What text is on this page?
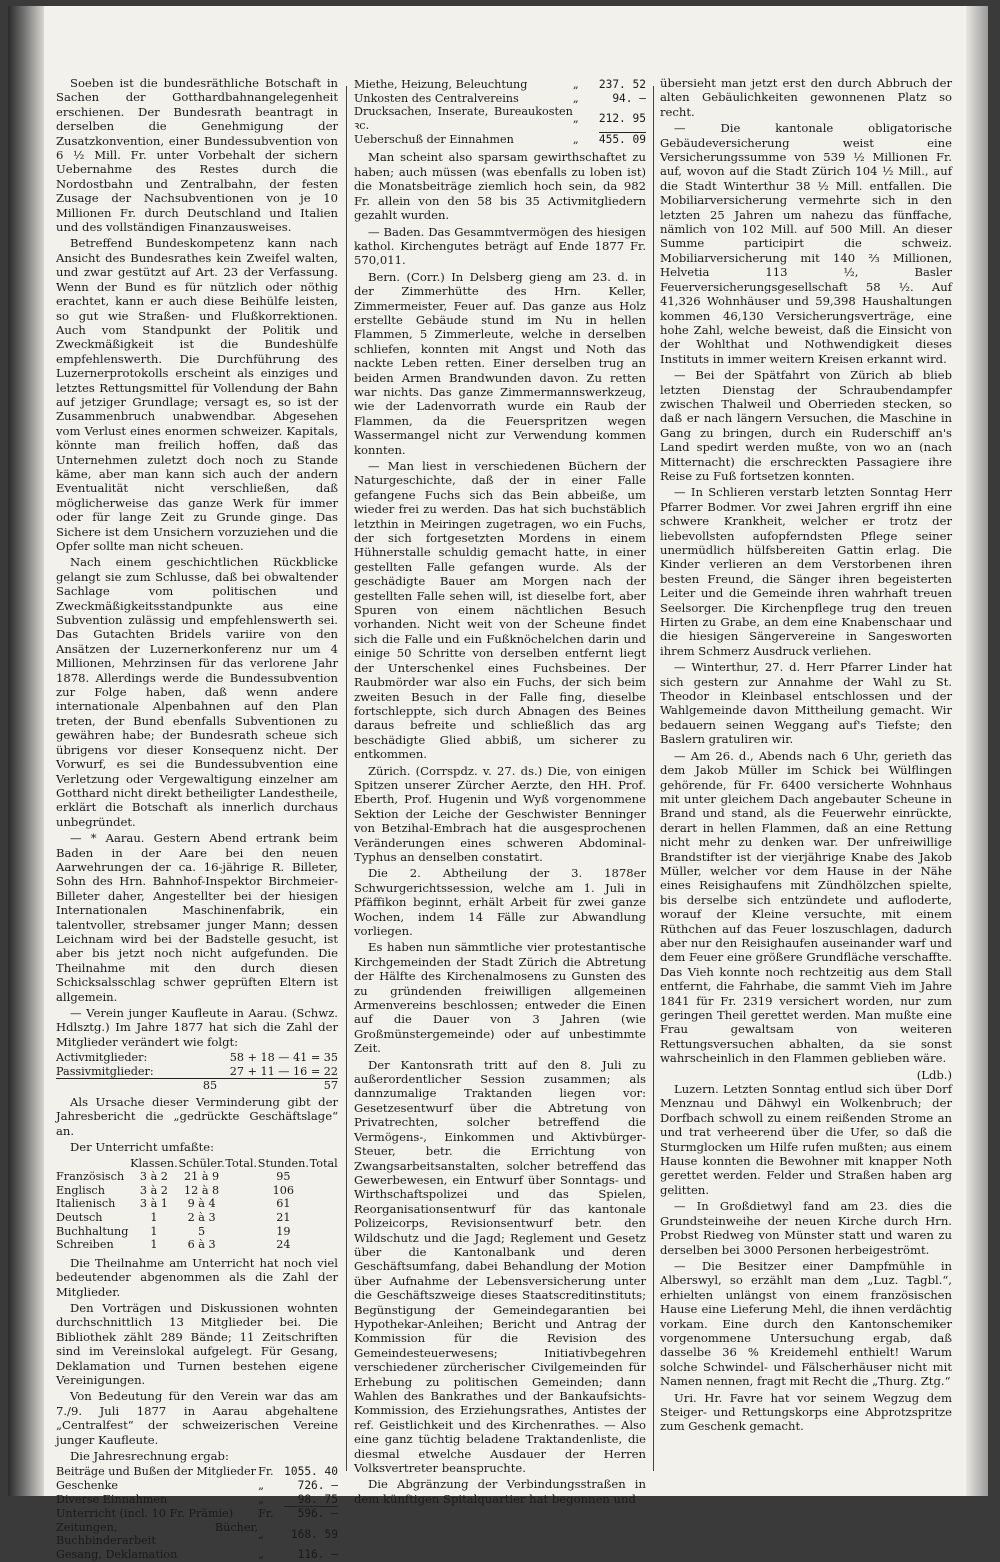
Soeben ist die bundesräthliche Botschaft in Sachen der Gotthardbahnangelegenheit erschienen. Der Bundesrath beantragt in derselben die Genehmigung der Zusatzkonvention, einer Bundessubvention von 6 ½ Mill. Fr. unter Vorbehalt der sichern Uebernahme des Restes durch die Nordostbahn und Zentralbahn, der festen Zusage der Nachsubventionen von je 10 Millionen Fr. durch Deutschland und Italien und des vollständigen Finanzausweises.

Betreffend Bundeskompetenz kann nach Ansicht des Bundesrathes kein Zweifel walten, und zwar gestützt auf Art. 23 der Verfassung. Wenn der Bund es für nützlich oder nöthig erachtet, kann er auch diese Beihülfe leisten, so gut wie Straßen- und Flußkorrektionen. Auch vom Standpunkt der Politik und Zweckmäßigkeit ist die Bundeshülfe empfehlenswerth. Die Durchführung des Luzernerprotokolls erscheint als einziges und letztes Rettungsmittel für Vollendung der Bahn auf jetziger Grundlage; versagt es, so ist der Zusammenbruch unabwendbar. Abgesehen vom Verlust eines enormen schweizer. Kapitals, könnte man freilich hoffen, daß das Unternehmen zuletzt doch noch zu Stande käme, aber man kann sich auch der andern Eventualität nicht verschließen, daß möglicherweise das ganze Werk für immer oder für lange Zeit zu Grunde ginge. Das Sichere ist dem Unsichern vorzuziehen und die Opfer sollte man nicht scheuen.

Nach einem geschichtlichen Rückblicke gelangt sie zum Schlusse, daß bei obwaltender Sachlage vom politischen und Zweckmäßigkeitsstandpunkte aus eine Subvention zulässig und empfehlenswerth sei. Das Gutachten Bridels variire von den Ansätzen der Luzernerkonferenz nur um 4 Millionen, Mehrzinsen für das verlorene Jahr 1878. Allerdings werde die Bundessubvention zur Folge haben, daß wenn andere internationale Alpenbahnen auf den Plan treten, der Bund ebenfalls Subventionen zu gewähren habe; der Bundesrath scheue sich übrigens vor dieser Konsequenz nicht. Der Vorwurf, es sei die Bundessubvention eine Verletzung oder Vergewaltigung einzelner am Gotthard nicht direkt betheiligter Landestheile, erklärt die Botschaft als innerlich durchaus unbegründet.

— * Aarau. Gestern Abend ertrank beim Baden in der Aare bei den neuen Aarwehrungen der ca. 16-jährige R. Billeter, Sohn des Hrn. Bahnhof-Inspektor Birchmeier-Billeter daher, Angestellter bei der hiesigen Internationalen Maschinenfabrik, ein talentvoller, strebsamer junger Mann; dessen Leichnam wird bei der Badstelle gesucht, ist aber bis jetzt noch nicht aufgefunden. Die Theilnahme mit den durch diesen Schicksalsschlag schwer geprüften Eltern ist allgemein.

— Verein junger Kaufleute in Aarau. (Schwz. Hdlsztg.) Im Jahre 1877 hat sich die Zahl der Mitglieder verändert wie folgt:

Activmitglieder:	58 + 18 — 41 = 35
Passivmitglieder:	27 + 11 — 16 = 22
85                              57

Als Ursache dieser Verminderung gibt der Jahresbericht die „gedrückte Geschäftslage“ an.

Der Unterricht umfaßte:

	Klassen.	Schüler.	Total.	Stunden.	Total
Französisch	3 à 2	21 à 9		95	
Englisch	3 à 2	12 à 8		106	
Italienisch	3 à 1	9 à 4		61	
Deutsch	1	2 à 3		21	
Buchhaltung	1	5		19	
Schreiben	1	6 à 3		24	

Die Theilnahme am Unterricht hat noch viel bedeutender abgenommen als die Zahl der Mitglieder.

Den Vorträgen und Diskussionen wohnten durchschnittlich 13 Mitglieder bei. Die Bibliothek zählt 289 Bände; 11 Zeitschriften sind im Vereinslokal aufgelegt. Für Gesang, Deklamation und Turnen bestehen eigene Vereinigungen.

Von Bedeutung für den Verein war das am 7./9. Juli 1877 in Aarau abgehaltene „Centralfest“ der schweizerischen Vereine junger Kaufleute.

Die Jahresrechnung ergab:

Beiträge und Bußen der Mitglieder	Fr.	1055. 40
Geschenke	„	726. —
Diverse Einnahmen	„	98. 75
Unterricht (incl. 10 Fr. Prämie)	Fr.	596. —
Zeitungen, Bücher, Buchbinderarbeit	„	168. 59
Gesang, Deklamation	„	116. —
Miethe, Heizung, Beleuchtung	„	237. 52
Unkosten des Centralvereins	„	94. —
Drucksachen, Inserate, Bureaukosten ꝛc.	„	212. 95
Ueberschuß der Einnahmen	„	455. 09

Man scheint also sparsam gewirthschaftet zu haben; auch müssen (was ebenfalls zu loben ist) die Monatsbeiträge ziemlich hoch sein, da 982 Fr. allein von den 58 bis 35 Activmitgliedern gezahlt wurden.

— Baden. Das Gesammtvermögen des hiesigen kathol. Kirchengutes beträgt auf Ende 1877 Fr. 570,011.

Bern. (Corr.) In Delsberg gieng am 23. d. in der Zimmerhütte des Hrn. Keller, Zimmermeister, Feuer auf. Das ganze aus Holz erstellte Gebäude stund im Nu in hellen Flammen, 5 Zimmerleute, welche in derselben schliefen, konnten mit Angst und Noth das nackte Leben retten. Einer derselben trug an beiden Armen Brandwunden davon. Zu retten war nichts. Das ganze Zimmermannswerkzeug, wie der Ladenvorrath wurde ein Raub der Flammen, da die Feuerspritzen wegen Wassermangel nicht zur Verwendung kommen konnten.

— Man liest in verschiedenen Büchern der Naturgeschichte, daß der in einer Falle gefangene Fuchs sich das Bein abbeiße, um wieder frei zu werden. Das hat sich buchstäblich letzthin in Meiringen zugetragen, wo ein Fuchs, der sich fortgesetzten Mordens in einem Hühnerstalle schuldig gemacht hatte, in einer gestellten Falle gefangen wurde. Als der geschädigte Bauer am Morgen nach der gestellten Falle sehen will, ist dieselbe fort, aber Spuren von einem nächtlichen Besuch vorhanden. Nicht weit von der Scheune findet sich die Falle und ein Fußknöchelchen darin und einige 50 Schritte von derselben entfernt liegt der Unterschenkel eines Fuchsbeines. Der Raubmörder war also ein Fuchs, der sich beim zweiten Besuch in der Falle fing, dieselbe fortschleppte, sich durch Abnagen des Beines daraus befreite und schließlich das arg beschädigte Glied abbiß, um sicherer zu entkommen.

Zürich. (Corrspdz. v. 27. ds.) Die, von einigen Spitzen unserer Zürcher Aerzte, den HH. Prof. Eberth, Prof. Hugenin und Wyß vorgenommene Sektion der Leiche der Geschwister Benninger von Betzihal-Embrach hat die ausgesprochenen Veränderungen eines schweren Abdominal-Typhus an denselben constatirt.

Die 2. Abtheilung der 3. 1878er Schwurgerichtssession, welche am 1. Juli in Pfäffikon beginnt, erhält Arbeit für zwei ganze Wochen, indem 14 Fälle zur Abwandlung vorliegen.

Es haben nun sämmtliche vier protestantische Kirchgemeinden der Stadt Zürich die Abtretung der Hälfte des Kirchenalmosens zu Gunsten des zu gründenden freiwilligen allgemeinen Armenvereins beschlossen; entweder die Einen auf die Dauer von 3 Jahren (wie Großmünstergemeinde) oder auf unbestimmte Zeit.

Der Kantonsrath tritt auf den 8. Juli zu außerordentlicher Session zusammen; als dannzumalige Traktanden liegen vor: Gesetzesentwurf über die Abtretung von Privatrechten, solcher betreffend die Vermögens-, Einkommen und Aktivbürger-Steuer, betr. die Errichtung von Zwangsarbeitsanstalten, solcher betreffend das Gewerbewesen, ein Entwurf über Sonntags- und Wirthschaftspolizei und das Spielen, Reorganisationsentwurf für das kantonale Polizeicorps, Revisionsentwurf betr. den Wildschutz und die Jagd; Reglement und Gesetz über die Kantonalbank und deren Geschäftsumfang, dabei Behandlung der Motion über Aufnahme der Lebensversicherung unter die Geschäftszweige dieses Staatscreditinstituts; Begünstigung der Gemeindegarantien bei Hypothekar-Anleihen; Bericht und Antrag der Kommission für die Revision des Gemeindesteuerwesens; Initiativbegehren verschiedener zürcherischer Civilgemeinden für Erhebung zu politischen Gemeinden; dann Wahlen des Bankrathes und der Bankaufsichts-Kommission, des Erziehungsrathes, Antistes der ref. Geistlichkeit und des Kirchenrathes. — Also eine ganz tüchtig beladene Traktandenliste, die diesmal etwelche Ausdauer der Herren Volksvertreter beanspruchte.

Die Abgränzung der Verbindungsstraßen in dem künftigen Spitalquartier hat begonnen und

übersieht man jetzt erst den durch Abbruch der alten Gebäulichkeiten gewonnenen Platz so recht.

— Die kantonale obligatorische Gebäudeversicherung weist eine Versicherungssumme von 539 ½ Millionen Fr. auf, wovon auf die Stadt Zürich 104 ½ Mill., auf die Stadt Winterthur 38 ½ Mill. entfallen. Die Mobiliarversicherung vermehrte sich in den letzten 25 Jahren um nahezu das fünffache, nämlich von 102 Mill. auf 500 Mill. An dieser Summe participirt die schweiz. Mobiliarversicherung mit 140 ⅔ Millionen, Helvetia 113 ½, Basler Feuerversicherungsgesellschaft 58 ½. Auf 41,326 Wohnhäuser und 59,398 Haushaltungen kommen 46,130 Versicherungsverträge, eine hohe Zahl, welche beweist, daß die Einsicht von der Wohlthat und Nothwendigkeit dieses Instituts in immer weitern Kreisen erkannt wird.

— Bei der Spätfahrt von Zürich ab blieb letzten Dienstag der Schraubendampfer zwischen Thalweil und Oberrieden stecken, so daß er nach längern Versuchen, die Maschine in Gang zu bringen, durch ein Ruderschiff an's Land spedirt werden mußte, von wo an (nach Mitternacht) die erschreckten Passagiere ihre Reise zu Fuß fortsetzen konnten.

— In Schlieren verstarb letzten Sonntag Herr Pfarrer Bodmer. Vor zwei Jahren ergriff ihn eine schwere Krankheit, welcher er trotz der liebevollsten aufopferndsten Pflege seiner unermüdlich hülfsbereiten Gattin erlag. Die Kinder verlieren an dem Verstorbenen ihren besten Freund, die Sänger ihren begeisterten Leiter und die Gemeinde ihren wahrhaft treuen Seelsorger. Die Kirchenpflege trug den treuen Hirten zu Grabe, an dem eine Knabenschaar und die hiesigen Sängervereine in Sangesworten ihrem Schmerz Ausdruck verliehen.

— Winterthur, 27. d. Herr Pfarrer Linder hat sich gestern zur Annahme der Wahl zu St. Theodor in Kleinbasel entschlossen und der Wahlgemeinde davon Mittheilung gemacht. Wir bedauern seinen Weggang auf's Tiefste; den Baslern gratuliren wir.

— Am 26. d., Abends nach 6 Uhr, gerieth das dem Jakob Müller im Schick bei Wülflingen gehörende, für Fr. 6400 versicherte Wohnhaus mit unter gleichem Dach angebauter Scheune in Brand und stand, als die Feuerwehr einrückte, derart in hellen Flammen, daß an eine Rettung nicht mehr zu denken war. Der unfreiwillige Brandstifter ist der vierjährige Knabe des Jakob Müller, welcher vor dem Hause in der Nähe eines Reisighaufens mit Zündhölzchen spielte, bis derselbe sich entzündete und aufloderte, worauf der Kleine versuchte, mit einem Rüthchen auf das Feuer loszuschlagen, dadurch aber nur den Reisighaufen auseinander warf und dem Feuer eine größere Grundfläche verschaffte. Das Vieh konnte noch rechtzeitig aus dem Stall entfernt, die Fahrhabe, die sammt Vieh im Jahre 1841 für Fr. 2319 versichert worden, nur zum geringen Theil gerettet werden. Man mußte eine Frau gewaltsam von weiteren Rettungsversuchen abhalten, da sie sonst wahrscheinlich in den Flammen geblieben wäre.

(Ldb.)

Luzern. Letzten Sonntag entlud sich über Dorf Menznau und Dähwyl ein Wolkenbruch; der Dorfbach schwoll zu einem reißenden Strome an und trat verheerend über die Ufer, so daß die Sturmglocken um Hilfe rufen mußten; aus einem Hause konnten die Bewohner mit knapper Noth gerettet werden. Felder und Straßen haben arg gelitten.

— In Großdietwyl fand am 23. dies die Grundsteinweihe der neuen Kirche durch Hrn. Probst Riedweg von Münster statt und waren zu derselben bei 3000 Personen herbeigeströmt.

— Die Besitzer einer Dampfmühle in Alberswyl, so erzählt man dem „Luz. Tagbl.“, erhielten unlängst von einem französischen Hause eine Lieferung Mehl, die ihnen verdächtig vorkam. Eine durch den Kantonschemiker vorgenommene Untersuchung ergab, daß dasselbe 36 % Kreidemehl enthielt! Warum solche Schwindel- und Fälscherhäuser nicht mit Namen nennen, fragt mit Recht die „Thurg. Ztg.“

Uri. Hr. Favre hat vor seinem Wegzug dem Steiger- und Rettungskorps eine Abprotzspritze zum Geschenk gemacht.
